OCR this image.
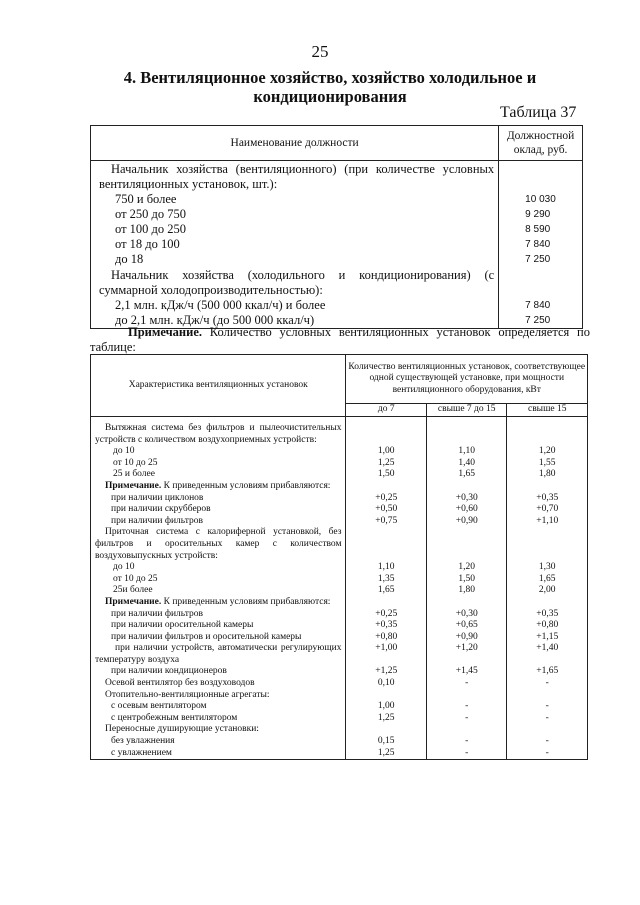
25
4. Вентиляционное хозяйство, хозяйство холодильное и кондиционирования
Таблица 37
Наименование должности	Должностной оклад, руб.
Начальник хозяйства (вентиляционного) (при количестве условных вентиляционных установок, шт.):	
750 и более	10 030
от 250 до 750	9 290
от 100 до 250	8 590
от 18 до 100	7 840
до 18	7 250
Начальник хозяйства (холодильного и кондиционирования) (с суммарной холодопроизводительностью):	
2,1 млн. кДж/ч (500 000 ккал/ч) и более	7 840
до 2,1 млн. кДж/ч (до 500 000 ккал/ч)	7 250
Примечание. Количество условных вентиляционных установок определяется по таблице:
Характеристика вентиляционных установок	Количество вентиляционных установок, соответствующее одной существующей установке, при мощности вентиляционного оборудования, кВт		
	до 7	свыше 7 до 15	свыше 15

Вытяжная система без фильтров и пылеочистительных устройств с количеством воздухоприемных устройств:			
до 10	1,00	1,10	1,20
от 10 до 25	1,25	1,40	1,55
25 и более	1,50	1,65	1,80
Примечание. К приведенным условиям прибавляются:			
при наличии циклонов	+0,25	+0,30	+0,35
при наличии скрубберов	+0,50	+0,60	+0,70
при наличии фильтров	+0,75	+0,90	+1,10
Приточная система с калориферной установкой, без фильтров и оросительных камер с количеством воздуховыпускных устройств:			
до 10	1,10	1,20	1,30
от 10 до 25	1,35	1,50	1,65
25и более	1,65	1,80	2,00
Примечание. К приведенным условиям прибавляются:			
при наличии фильтров	+0,25	+0,30	+0,35
при наличии оросительной камеры	+0,35	+0,65	+0,80
при наличии фильтров и оросительной камеры	+0,80	+0,90	+1,15
при наличии устройств, автоматически регулирующих температуру воздуха	+1,00	+1,20	+1,40
при наличии кондиционеров	+1,25	+1,45	+1,65
Осевой вентилятор без воздуховодов	0,10	-	-
Отопительно-вентиляционные агрегаты:			
с осевым вентилятором	1,00	-	-
с центробежным вентилятором	1,25	-	-
Переносные душирующие установки:			
без увлажнения	0,15	-	-
с увлажнением	1,25	-	-
